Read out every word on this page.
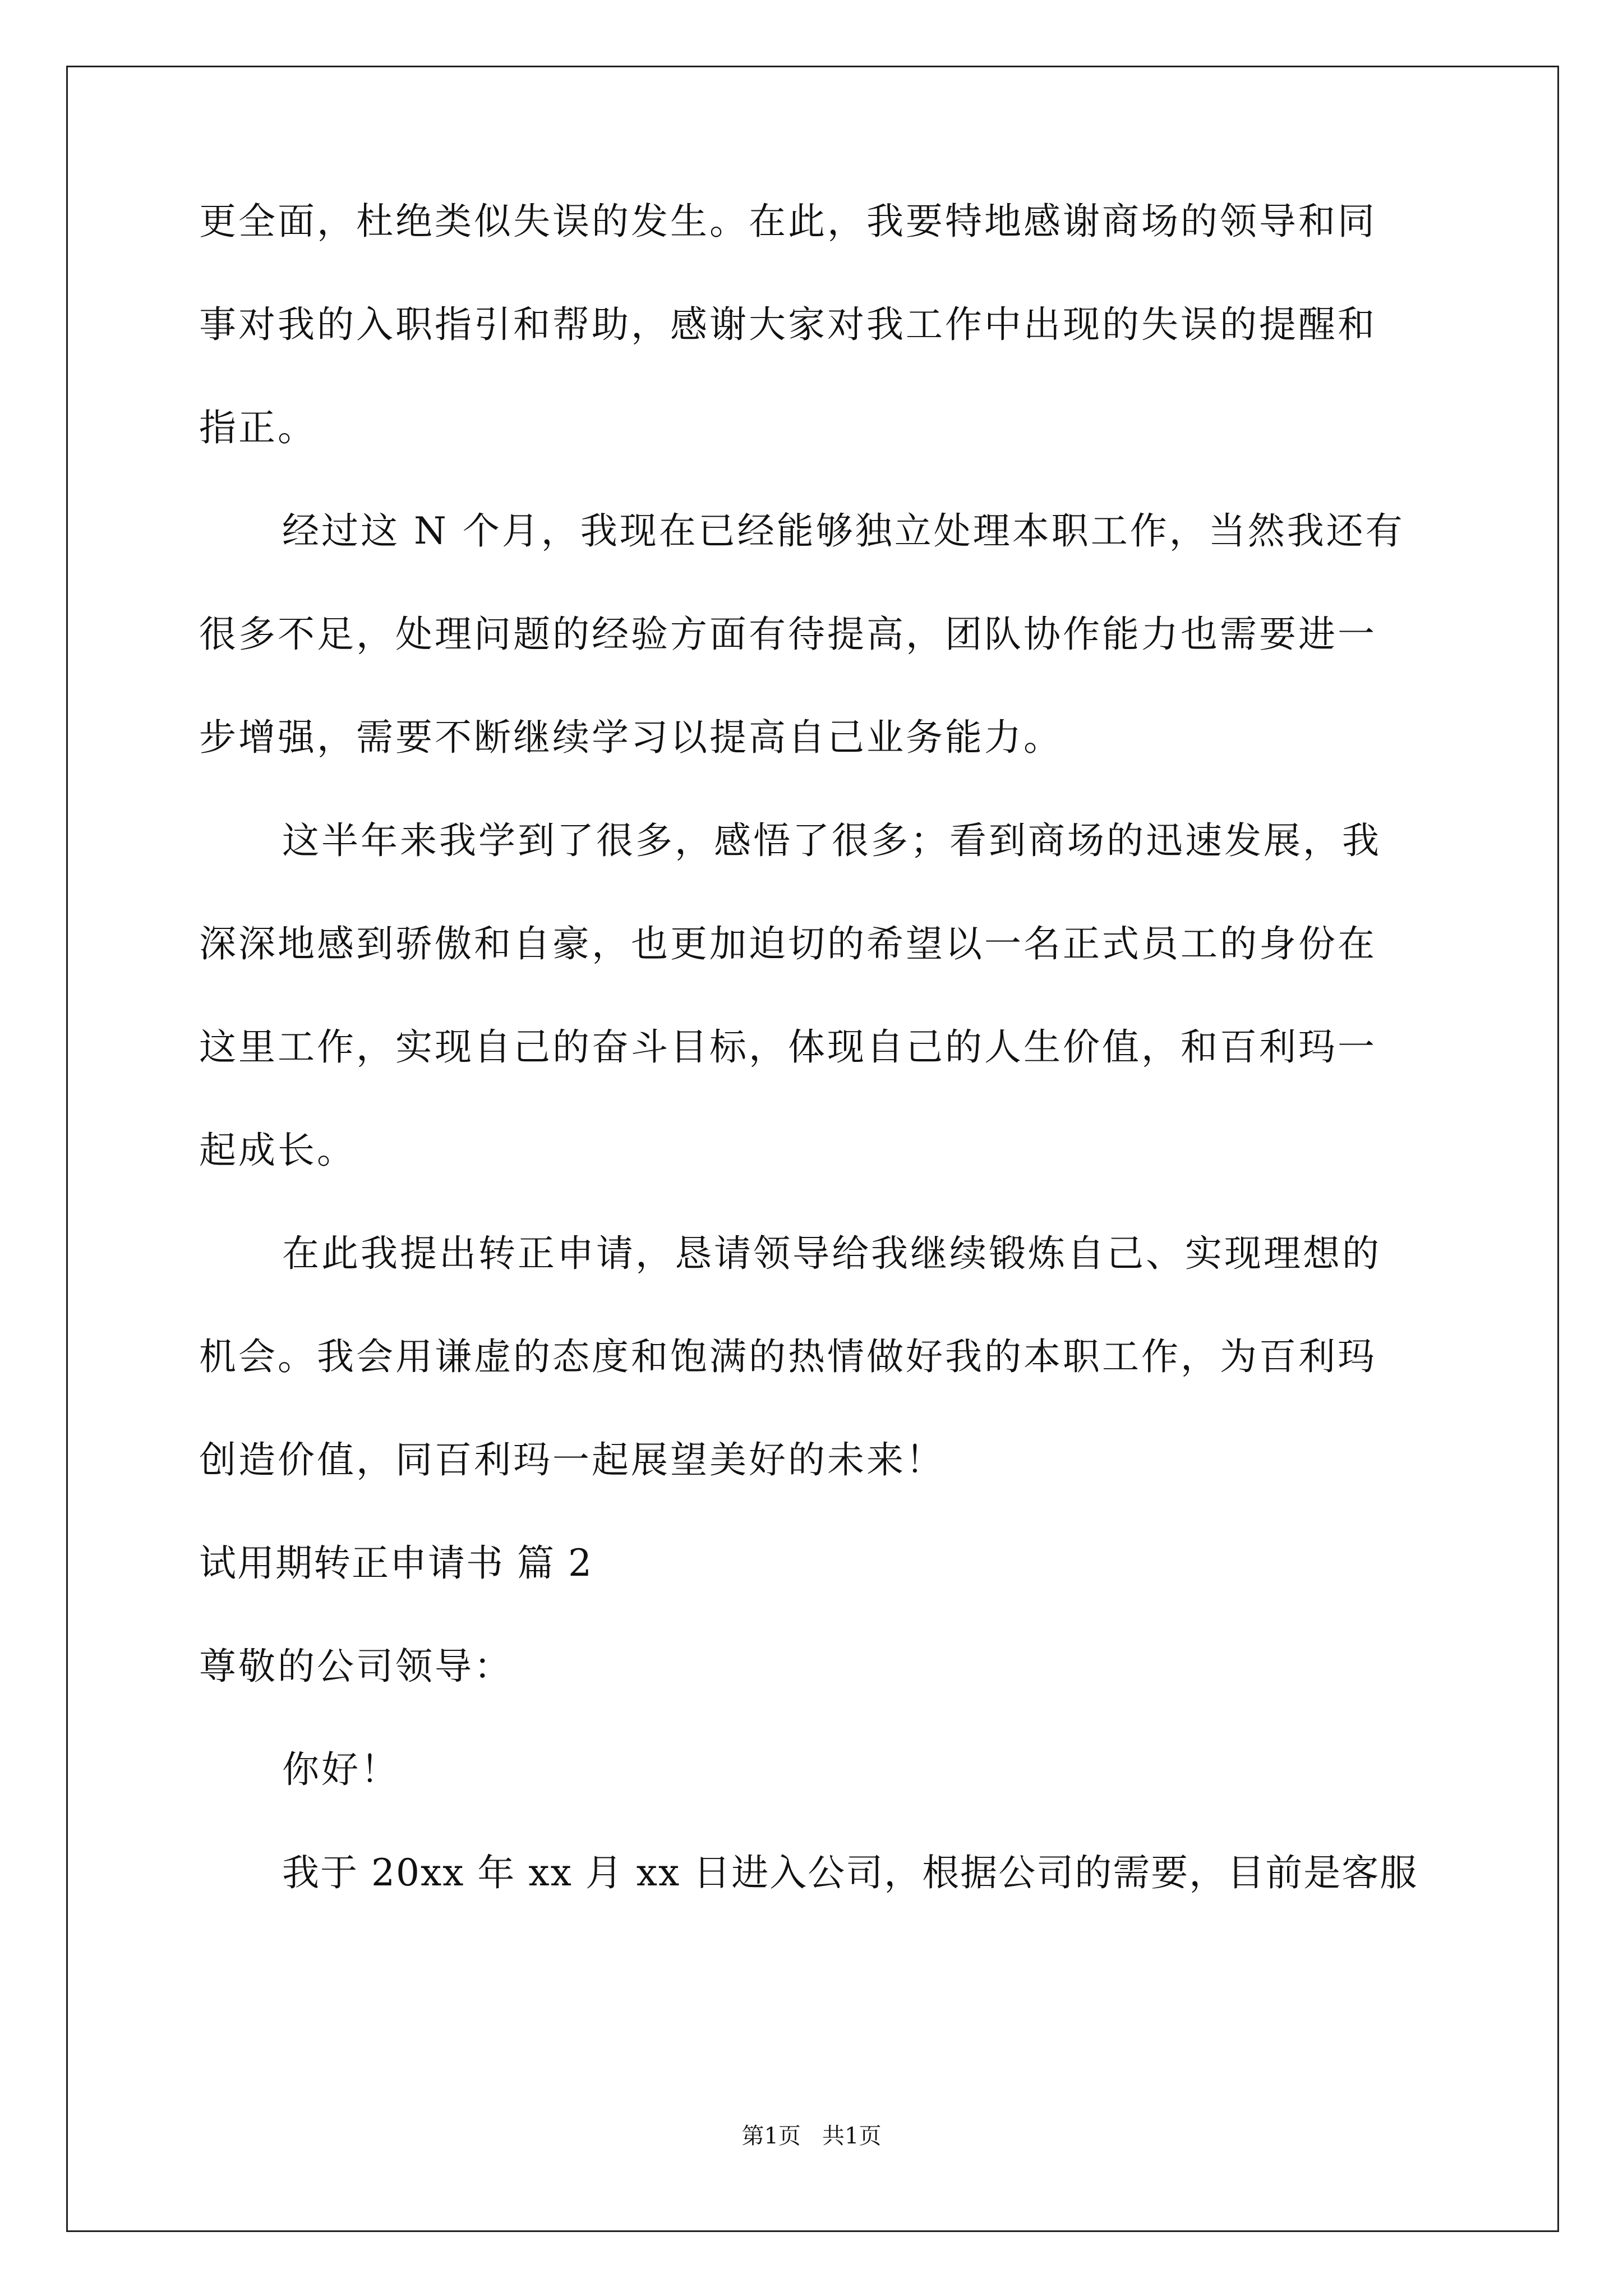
更全面，杜绝类似失误的发生。在此，我要特地感谢商场的领导和同
事对我的入职指引和帮助，感谢大家对我工作中出现的失误的提醒和
指正。
经过这 N 个月，我现在已经能够独立处理本职工作，当然我还有
很多不足，处理问题的经验方面有待提高，团队协作能力也需要进一
步增强，需要不断继续学习以提高自己业务能力。
这半年来我学到了很多，感悟了很多；看到商场的迅速发展，我
深深地感到骄傲和自豪，也更加迫切的希望以一名正式员工的身份在
这里工作，实现自己的奋斗目标，体现自己的人生价值，和百利玛一
起成长。
在此我提出转正申请，恳请领导给我继续锻炼自己、实现理想的
机会。我会用谦虚的态度和饱满的热情做好我的本职工作，为百利玛
创造价值，同百利玛一起展望美好的未来！
试用期转正申请书 篇 2
尊敬的公司领导：
你好！
我于 20xx 年 xx 月 xx 日进入公司，根据公司的需要，目前是客服
第1页   共1页
